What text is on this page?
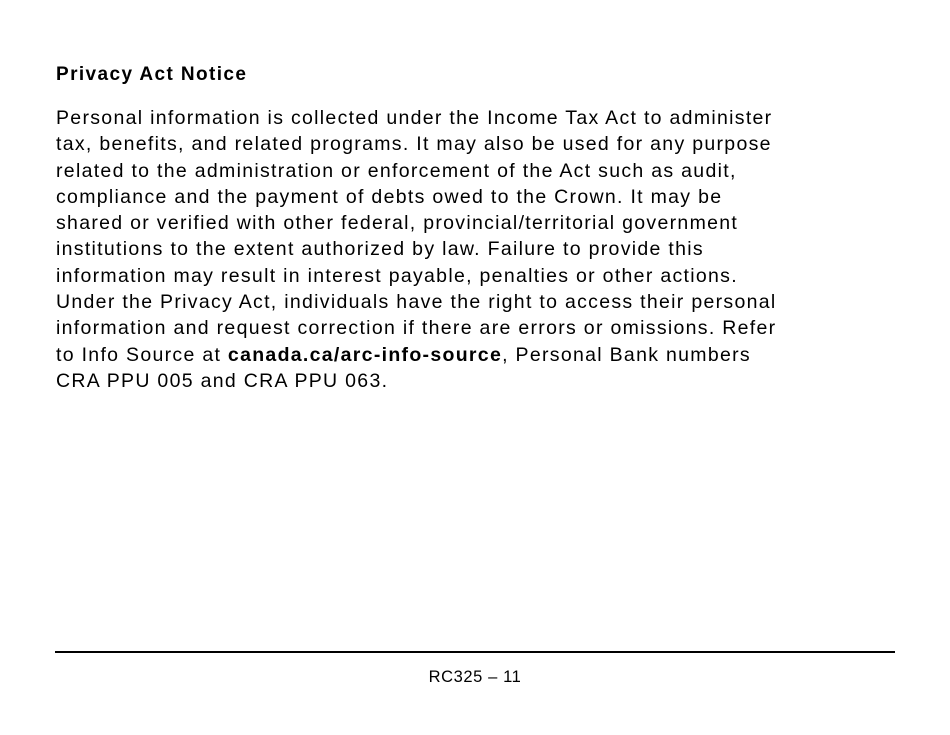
Privacy Act Notice

Personal information is collected under the Income Tax Act to administer
tax, benefits, and related programs. It may also be used for any purpose
related to the administration or enforcement of the Act such as audit,
compliance and the payment of debts owed to the Crown. It may be
shared or verified with other federal, provincial/territorial government
institutions to the extent authorized by law. Failure to provide this
information may result in interest payable, penalties or other actions.
Under the Privacy Act, individuals have the right to access their personal
information and request correction if there are errors or omissions. Refer
to Info Source at canada.ca/arc-info-source, Personal Bank numbers
CRA PPU 005 and CRA PPU 063.

RC325 – 11
